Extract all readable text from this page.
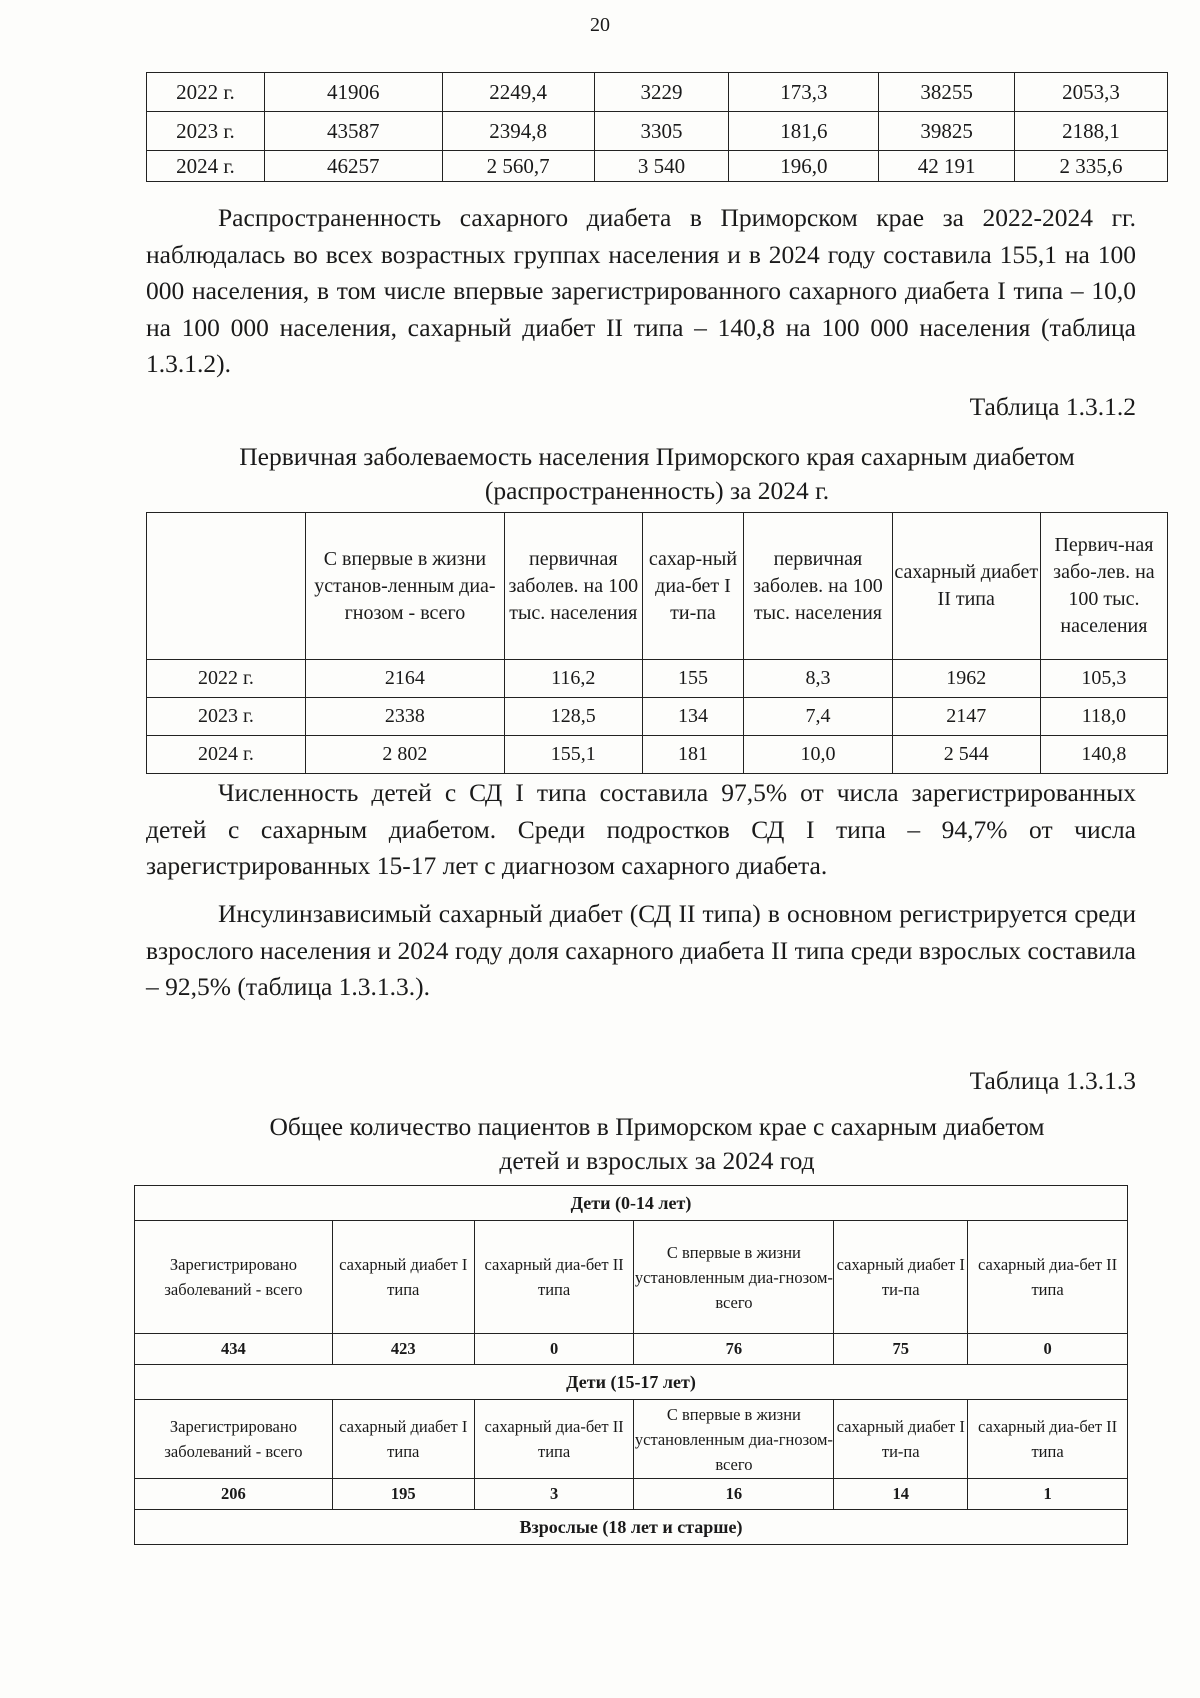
20
2022 г.	41906	2249,4	3229	173,3	38255	2053,3
2023 г.	43587	2394,8	3305	181,6	39825	2188,1
2024 г.	46257	2 560,7	3 540	196,0	42 191	2 335,6

Распространенность сахарного диабета в Приморском крае за 2022-2024 гг. наблюдалась во всех возрастных группах населения и в 2024 году составила 155,1 на 100 000 населения, в том числе впервые зарегистрированного сахарного диабета I типа – 10,0 на 100 000 населения, сахарный диабет II типа – 140,8 на 100 000 населения (таблица 1.3.1.2).

Таблица 1.3.1.2

Первичная заболеваемость населения Приморского края сахарным диабетом
(распространенность) за 2024 г.

	С впервые в жизни установ-ленным диа-гнозом - всего	первичная заболев. на 100 тыс. населения	сахар-ный диа-бет I ти-па	первичная заболев. на 100 тыс. населения	сахарный диабет II типа	Первич-ная забо-лев. на 100 тыс. населения
2022 г.	2164	116,2	155	8,3	1962	105,3
2023 г.	2338	128,5	134	7,4	2147	118,0
2024 г.	2 802	155,1	181	10,0	2 544	140,8

Численность детей с СД I типа составила 97,5% от числа зарегистрированных детей с сахарным диабетом. Среди подростков СД I типа – 94,7% от числа зарегистрированных 15-17 лет с диагнозом сахарного диабета.

Инсулинзависимый сахарный диабет (СД II типа) в основном регистрируется среди взрослого населения и 2024 году доля сахарного диабета II типа среди взрослых составила – 92,5% (таблица 1.3.1.3.).

Таблица 1.3.1.3

Общее количество пациентов в Приморском крае с сахарным диабетом
детей и взрослых за 2024 год

Дети (0-14 лет)					
Зарегистрировано заболеваний - всего	сахарный диабет I типа	сахарный диа-бет II типа	С впервые в жизни установленным диа-гнозом- всего	сахарный диабет I ти-па	сахарный диа-бет II типа
434	423	0	76	75	0
Дети (15-17 лет)					
Зарегистрировано заболеваний - всего	сахарный диабет I типа	сахарный диа-бет II типа	С впервые в жизни установленным диа-гнозом- всего	сахарный диабет I ти-па	сахарный диа-бет II типа
206	195	3	16	14	1
Взрослые (18 лет и старше)					
